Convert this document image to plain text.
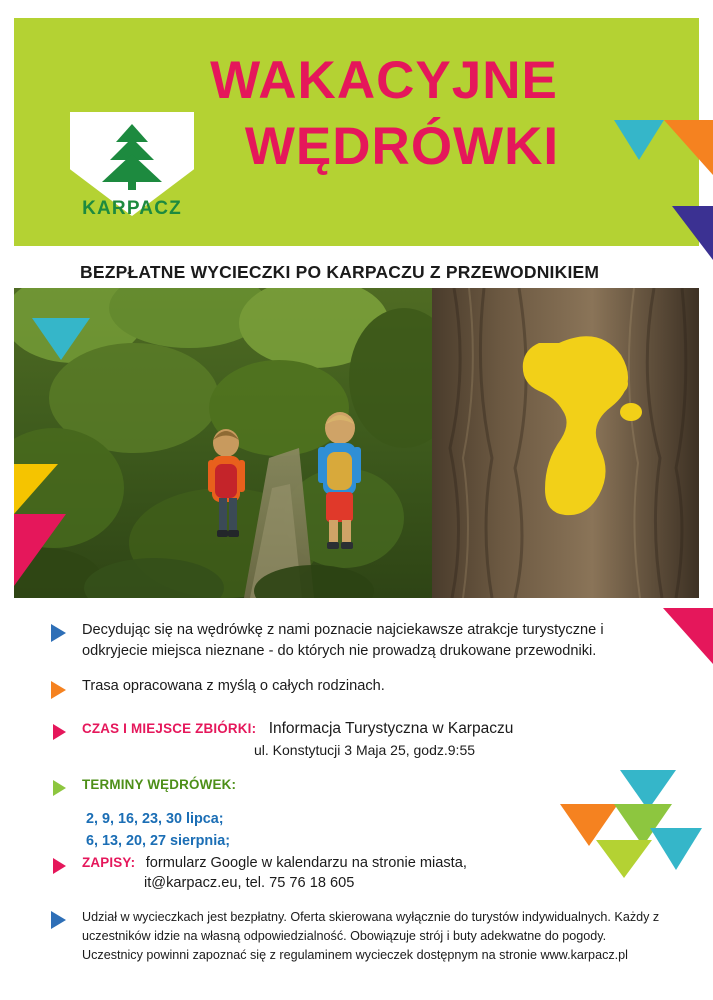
WAKACYJNE
WĘDRÓWKI
KARPACZ
BEZPŁATNE WYCIECZKI PO KARPACZU Z PRZEWODNIKIEM
Decydując się na wędrówkę z nami poznacie najciekawsze atrakcje turystyczne i odkryjecie miejsca nieznane - do których nie prowadzą drukowane przewodniki.
Trasa opracowana z myślą o całych rodzinach.
CZAS I MIEJSCE ZBIÓRKI: Informacja Turystyczna w Karpaczu
ul. Konstytucji 3 Maja 25, godz.9:55
TERMINY WĘDRÓWEK:
2, 9, 16, 23, 30 lipca;
6, 13, 20, 27 sierpnia;
ZAPISY: formularz Google w kalendarzu na stronie miasta,
it@karpacz.eu, tel. 75 76 18 605
Udział w wycieczkach jest bezpłatny. Oferta skierowana wyłącznie do turystów indywidualnych. Każdy z uczestników idzie na własną odpowiedzialność. Obowiązuje strój i buty adekwatne do pogody. Uczestnicy powinni zapoznać się z regulaminem wycieczek dostępnym na stronie www.karpacz.pl
